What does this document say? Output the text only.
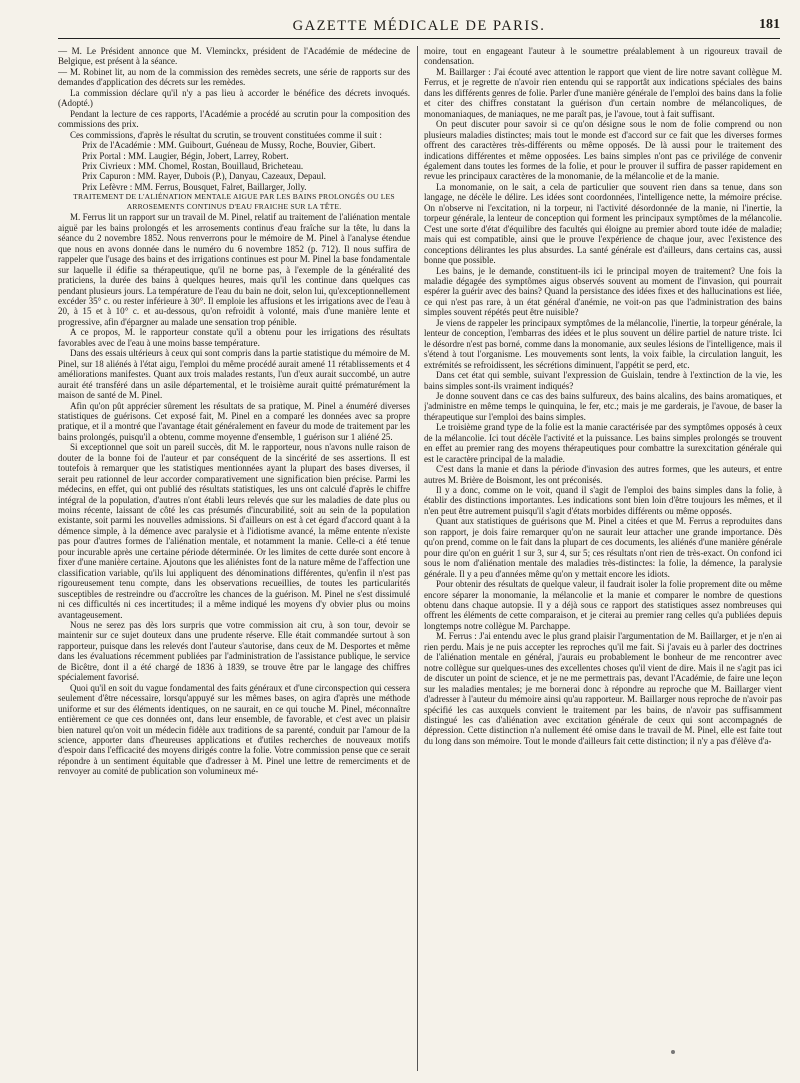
GAZETTE MÉDICALE DE PARIS.	181

— M. Le Président annonce que M. Vleminckx, président de l'Académie de médecine de Belgique, est présent à la séance.

— M. Robinet lit, au nom de la commission des remèdes secrets, une série de rapports sur des demandes d'application des décrets sur les remèdes.

La commission déclare qu'il n'y a pas lieu à accorder le bénéfice des décrets invoqués. (Adopté.)

Pendant la lecture de ces rapports, l'Académie a procédé au scrutin pour la composition des commissions des prix.

Ces commissions, d'après le résultat du scrutin, se trouvent constituées comme il suit :

Prix de l'Académie : MM. Guibourt, Guéneau de Mussy, Roche, Bouvier, Gibert.

Prix Portal : MM. Laugier, Bégin, Jobert, Larrey, Robert.

Prix Civrieux : MM. Chomel, Rostan, Bouillaud, Bricheteau.

Prix Capuron : MM. Rayer, Dubois (P.), Danyau, Cazeaux, Depaul.

Prix Lefèvre : MM. Ferrus, Bousquet, Falret, Baillarger, Jolly.

TRAITEMENT DE L'ALIÉNATION MENTALE AIGUE PAR LES BAINS PROLONGÉS OU LES ARROSEMENTS CONTINUS D'EAU FRAICHE SUR LA TÊTE.

M. Ferrus lit un rapport sur un travail de M. Pinel, relatif au traitement de l'aliénation mentale aiguë par les bains prolongés et les arrosements continus d'eau fraîche sur la tête, lu dans la séance du 2 novembre 1852. Nous renverrons pour le mémoire de M. Pinel à l'analyse étendue que nous en avons donnée dans le numéro du 6 novembre 1852 (p. 712). Il nous suffira de rappeler que l'usage des bains et des irrigations continues est pour M. Pinel la base fondamentale sur laquelle il édifie sa thérapeutique, qu'il ne borne pas, à l'exemple de la généralité des praticiens, la durée des bains à quelques heures, mais qu'il les continue dans quelques cas pendant plusieurs jours. La température de l'eau du bain ne doit, selon lui, qu'exceptionnellement excéder 35° c. ou rester inférieure à 30°. Il emploie les affusions et les irrigations avec de l'eau à 20, à 15 et à 10° c. et au-dessous, qu'on refroidit à volonté, mais d'une manière lente et progressive, afin d'épargner au malade une sensation trop pénible.

A ce propos, M. le rapporteur constate qu'il a obtenu pour les irrigations des résultats favorables avec de l'eau à une moins basse température.

Dans des essais ultérieurs à ceux qui sont compris dans la partie statistique du mémoire de M. Pinel, sur 18 aliénés à l'état aigu, l'emploi du même procédé aurait amené 11 rétablissements et 4 améliorations manifestes. Quant aux trois malades restants, l'un d'eux aurait succombé, un autre aurait été transféré dans un asile départemental, et le troisième aurait quitté prématurément la maison de santé de M. Pinel.

Afin qu'on pût apprécier sûrement les résultats de sa pratique, M. Pinel a énuméré diverses statistiques de guérisons. Cet exposé fait, M. Pinel en a comparé les données avec sa propre pratique, et il a montré que l'avantage était généralement en faveur du mode de traitement par les bains prolongés, puisqu'il a obtenu, comme moyenne d'ensemble, 1 guérison sur 1 aliéné 25.

Si exceptionnel que soit un pareil succès, dit M. le rapporteur, nous n'avons nulle raison de douter de la bonne foi de l'auteur et par conséquent de la sincérité de ses assertions. Il est toutefois à remarquer que les statistiques mentionnées ayant la plupart des bases diverses, il serait peu rationnel de leur accorder comparativement une signification bien précise. Parmi les médecins, en effet, qui ont publié des résultats statistiques, les uns ont calculé d'après le chiffre intégral de la population, d'autres n'ont établi leurs relevés que sur les maladies de date plus ou moins récente, laissant de côté les cas présumés d'incurabilité, soit au sein de la population existante, soit parmi les nouvelles admissions. Si d'ailleurs on est à cet égard d'accord quant à la démence simple, à la démence avec paralysie et à l'idiotisme avancé, la même entente n'existe pas pour d'autres formes de l'aliénation mentale, et notamment la manie. Celle-ci a été tenue pour incurable après une certaine période déterminée. Or les limites de cette durée sont encore à fixer d'une manière certaine. Ajoutons que les aliénistes font de la nature même de l'affection une classification variable, qu'ils lui appliquent des dénominations différentes, qu'enfin il n'est pas rigoureusement tenu compte, dans les observations recueillies, de toutes les particularités susceptibles de restreindre ou d'accroître les chances de la guérison. M. Pinel ne s'est dissimulé ni ces difficultés ni ces incertitudes; il a même indiqué les moyens d'y obvier plus ou moins avantageusement.

Nous ne serez pas dès lors surpris que votre commission ait cru, à son tour, devoir se maintenir sur ce sujet douteux dans une prudente réserve. Elle était commandée surtout à son rapporteur, puisque dans les relevés dont l'auteur s'autorise, dans ceux de M. Desportes et même dans les évaluations récemment publiées par l'administration de l'assistance publique, le service de Bicêtre, dont il a été chargé de 1836 à 1839, se trouve être par le langage des chiffres spécialement favorisé.

Quoi qu'il en soit du vague fondamental des faits généraux et d'une circonspection qui cessera seulement d'être nécessaire, lorsqu'appuyé sur les mêmes bases, on agira d'après une méthode uniforme et sur des éléments identiques, on ne saurait, en ce qui touche M. Pinel, méconnaître entièrement ce que ces données ont, dans leur ensemble, de favorable, et c'est avec un plaisir bien naturel qu'on voit un médecin fidèle aux traditions de sa parenté, conduit par l'amour de la science, apporter dans d'heureuses applications et d'utiles recherches de nouveaux motifs d'espoir dans l'efficacité des moyens dirigés contre la folie. Votre commission pense que ce serait répondre à un sentiment équitable que d'adresser à M. Pinel une lettre de remerciments et de renvoyer au comité de publication son volumineux mé-

moire, tout en engageant l'auteur à le soumettre préalablement à un rigoureux travail de condensation.

M. Baillarger : J'ai écouté avec attention le rapport que vient de lire notre savant collègue M. Ferrus, et je regrette de n'avoir rien entendu qui se rapportât aux indications spéciales des bains dans les différents genres de folie. Parler d'une manière générale de l'emploi des bains dans la folie et citer des chiffres constatant la guérison d'un certain nombre de mélancoliques, de monomaniaques, de maniaques, ne me paraît pas, je l'avoue, tout à fait suffisant.

On peut discuter pour savoir si ce qu'on désigne sous le nom de folie comprend ou non plusieurs maladies distinctes; mais tout le monde est d'accord sur ce fait que les diverses formes offrent des caractères très-différents ou même opposés. De là aussi pour le traitement des indications différentes et même opposées. Les bains simples n'ont pas ce privilége de convenir également dans toutes les formes de la folie, et pour le prouver il suffira de passer rapidement en revue les principaux caractères de la monomanie, de la mélancolie et de la manie.

La monomanie, on le sait, a cela de particulier que souvent rien dans sa tenue, dans son langage, ne décèle le délire. Les idées sont coordonnées, l'intelligence nette, la mémoire précise. On n'observe ni l'excitation, ni la torpeur, ni l'activité désordonnée de la manie, ni l'inertie, la torpeur générale, la lenteur de conception qui forment les principaux symptômes de la mélancolie. C'est une sorte d'état d'équilibre des facultés qui éloigne au premier abord toute idée de maladie; mais qui est compatible, ainsi que le prouve l'expérience de chaque jour, avec l'existence des conceptions délirantes les plus absurdes. La santé générale est d'ailleurs, dans certains cas, aussi bonne que possible.

Les bains, je le demande, constituent-ils ici le principal moyen de traitement? Une fois la maladie dégagée des symptômes aigus observés souvent au moment de l'invasion, qui pourrait espérer la guérir avec des bains? Quand la persistance des idées fixes et des hallucinations est liée, ce qui n'est pas rare, à un état général d'anémie, ne voit-on pas que l'administration des bains simples souvent répétés peut être nuisible?

Je viens de rappeler les principaux symptômes de la mélancolie, l'inertie, la torpeur générale, la lenteur de conception, l'embarras des idées et le plus souvent un délire partiel de nature triste. Ici le désordre n'est pas borné, comme dans la monomanie, aux seules lésions de l'intelligence, mais il s'étend à tout l'organisme. Les mouvements sont lents, la voix faible, la circulation languit, les extrémités se refroidissent, les sécrétions diminuent, l'appétit se perd, etc.

Dans cet état qui semble, suivant l'expression de Guislain, tendre à l'extinction de la vie, les bains simples sont-ils vraiment indiqués?

Je donne souvent dans ce cas des bains sulfureux, des bains alcalins, des bains aromatiques, et j'administre en même temps le quinquina, le fer, etc.; mais je me garderais, je l'avoue, de baser la thérapeutique sur l'emploi des bains simples.

Le troisième grand type de la folie est la manie caractérisée par des symptômes opposés à ceux de la mélancolie. Ici tout décèle l'activité et la puissance. Les bains simples prolongés se trouvent en effet au premier rang des moyens thérapeutiques pour combattre la surexcitation générale qui est le caractère principal de la maladie.

C'est dans la manie et dans la période d'invasion des autres formes, que les auteurs, et entre autres M. Brière de Boismont, les ont préconisés.

Il y a donc, comme on le voit, quand il s'agit de l'emploi des bains simples dans la folie, à établir des distinctions importantes. Les indications sont bien loin d'être toujours les mêmes, et il n'en peut être autrement puisqu'il s'agit d'états morbides différents ou même opposés.

Quant aux statistiques de guérisons que M. Pinel a citées et que M. Ferrus a reproduites dans son rapport, je dois faire remarquer qu'on ne saurait leur attacher une grande importance. Dès qu'on prend, comme on le fait dans la plupart de ces documents, les aliénés d'une manière générale pour dire qu'on en guérit 1 sur 3, sur 4, sur 5; ces résultats n'ont rien de très-exact. On confond ici sous le nom d'aliénation mentale des maladies très-distinctes: la folie, la démence, la paralysie générale. Il y a peu d'années même qu'on y mettait encore les idiots.

Pour obtenir des résultats de quelque valeur, il faudrait isoler la folie proprement dite ou même encore séparer la monomanie, la mélancolie et la manie et comparer le nombre de questions obtenu dans chaque autopsie. Il y a déjà sous ce rapport des statistiques assez nombreuses qui offrent les éléments de cette comparaison, et je citerai au premier rang celles qu'a publiées depuis longtemps notre collègue M. Parchappe.

M. Ferrus : J'ai entendu avec le plus grand plaisir l'argumentation de M. Baillarger, et je n'en ai rien perdu. Mais je ne puis accepter les reproches qu'il me fait. Si j'avais eu à parler des doctrines de l'aliénation mentale en général, j'aurais eu probablement le bonheur de me rencontrer avec notre collègue sur quelques-unes des excellentes choses qu'il vient de dire. Mais il ne s'agit pas ici de discuter un point de science, et je ne me permettrais pas, devant l'Académie, de faire une leçon sur les maladies mentales; je me bornerai donc à répondre au reproche que M. Baillarger vient d'adresser à l'auteur du mémoire ainsi qu'au rapporteur. M. Baillarger nous reproche de n'avoir pas spécifié les cas auxquels convient le traitement par les bains, de n'avoir pas suffisamment distingué les cas d'aliénation avec excitation générale de ceux qui sont accompagnés de dépression. Cette distinction n'a nullement été omise dans le travail de M. Pinel, elle est faite tout du long dans son mémoire. Tout le monde d'ailleurs fait cette distinction; il n'y a pas d'élève d'a-
